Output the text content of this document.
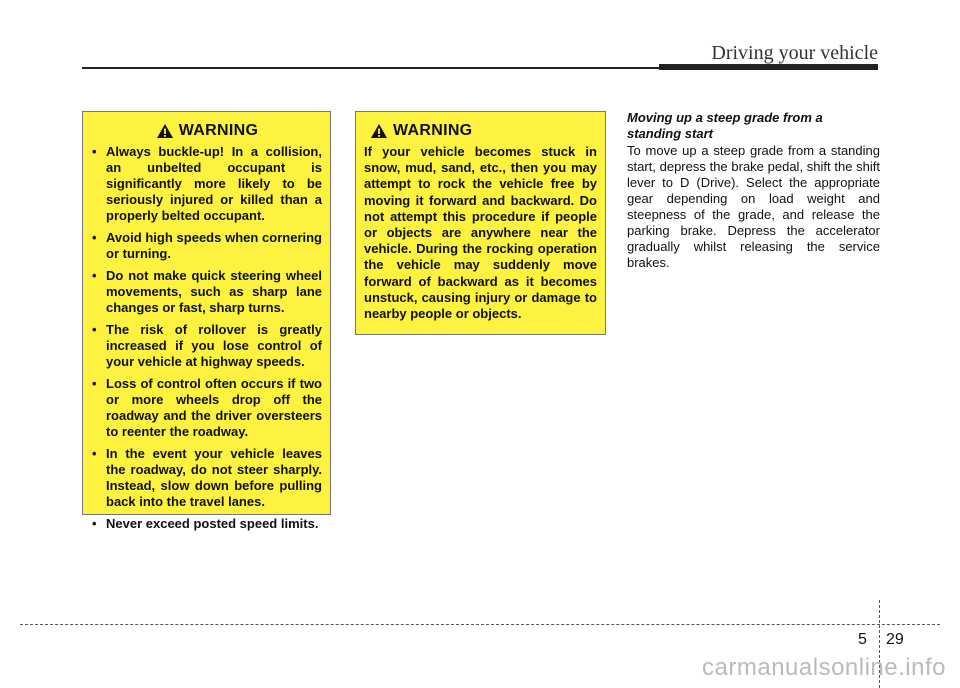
Driving your vehicle
WARNING
• Always buckle-up! In a collision, an unbelted occupant is significantly more likely to be seriously injured or killed than a properly belted occupant.
• Avoid high speeds when cornering or turning.
• Do not make quick steering wheel movements, such as sharp lane changes or fast, sharp turns.
• The risk of rollover is greatly increased if you lose control of your vehicle at highway speeds.
• Loss of control often occurs if two or more wheels drop off the roadway and the driver oversteers to reenter the roadway.
• In the event your vehicle leaves the roadway, do not steer sharply. Instead, slow down before pulling back into the travel lanes.
• Never exceed posted speed limits.
WARNING

If your vehicle becomes stuck in snow, mud, sand, etc., then you may attempt to rock the vehicle free by moving it forward and backward. Do not attempt this procedure if people or objects are anywhere near the vehicle. During the rocking operation the vehicle may suddenly move forward of backward as it becomes unstuck, causing injury or damage to nearby people or objects.

Moving up a steep grade from a standing start

To move up a steep grade from a standing start, depress the brake pedal, shift the shift lever to D (Drive). Select the appropriate gear depending on load weight and steepness of the grade, and release the parking brake. Depress the accelerator gradually whilst releasing the service brakes.

5 29
carmanualsonline.info
